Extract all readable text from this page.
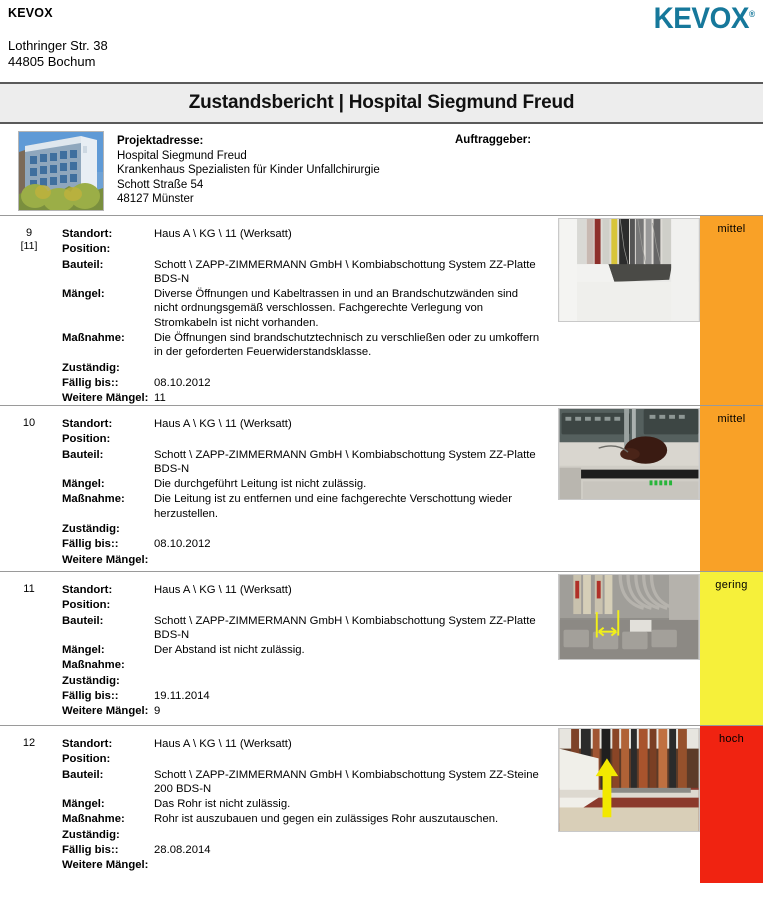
KEVOX
Lothringer Str. 38
44805 Bochum
KEVOX®
Zustandsbericht | Hospital Siegmund Freud
Projektadresse:
Hospital Siegmund Freud
Krankenhaus Spezialisten für Kinder Unfallchirurgie
Schott Straße 54
48127 Münster
Auftraggeber:
9
[11]
Standort:	Haus A \ KG \ 11 (Werksatt)
Position:	
Bauteil:	Schott \ ZAPP-ZIMMERMANN GmbH \ Kombiabschottung System ZZ-Platte BDS-N
Mängel:	Diverse Öffnungen und Kabeltrassen in und an Brandschutzwänden sind nicht ordnungsgemäß verschlossen. Fachgerechte Verlegung von Stromkabeln ist nicht vorhanden.
Maßnahme:	Die Öffnungen sind brandschutztechnisch zu verschließen oder zu umkoffern in der geforderten Feuerwiderstandsklasse.
Zuständig:	
Fällig bis::	08.10.2012
Weitere Mängel:	11
mittel
10	Standort:	Haus A \ KG \ 11 (Werksatt)
Position:	
Bauteil:	Schott \ ZAPP-ZIMMERMANN GmbH \ Kombiabschottung System ZZ-Platte BDS-N
Mängel:	Die durchgeführt Leitung ist nicht zulässig.
Maßnahme:	Die Leitung ist zu entfernen und eine fachgerechte Verschottung wieder herzustellen.
Zuständig:	
Fällig bis::	08.10.2012
Weitere Mängel:	
mittel
11	Standort:	Haus A \ KG \ 11 (Werksatt)
Position:	
Bauteil:	Schott \ ZAPP-ZIMMERMANN GmbH \ Kombiabschottung System ZZ-Platte BDS-N
Mängel:	Der Abstand ist nicht zulässig.
Maßnahme:	
Zuständig:	
Fällig bis::	19.11.2014
Weitere Mängel:	9
gering
12	Standort:	Haus A \ KG \ 11 (Werksatt)
Position:	
Bauteil:	Schott \ ZAPP-ZIMMERMANN GmbH \ Kombiabschottung System ZZ-Steine 200 BDS-N
Mängel:	Das Rohr ist nicht zulässig.
Maßnahme:	Rohr ist auszubauen und gegen ein zulässiges Rohr auszutauschen.
Zuständig:	
Fällig bis::	28.08.2014
Weitere Mängel:	
hoch
